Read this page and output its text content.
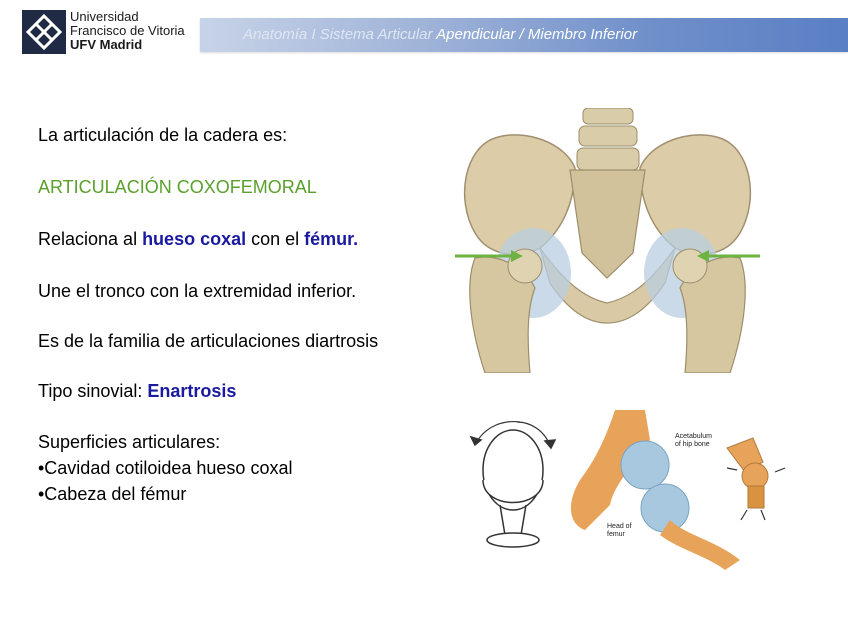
Universidad
Francisco de Vitoria
UFV Madrid
Anatomía I Sistema Articular Apendicular / Miembro Inferior
La articulación de la cadera es:
ARTICULACIÓN COXOFEMORAL
Relaciona al hueso coxal con el fémur.
Une el tronco con la extremidad inferior.
Es de la familia de articulaciones diartrosis
Tipo sinovial: Enartrosis
Superficies articulares:
•Cavidad cotiloidea hueso coxal
•Cabeza del fémur
Acetabulum
of hip bone
Head of
femur
